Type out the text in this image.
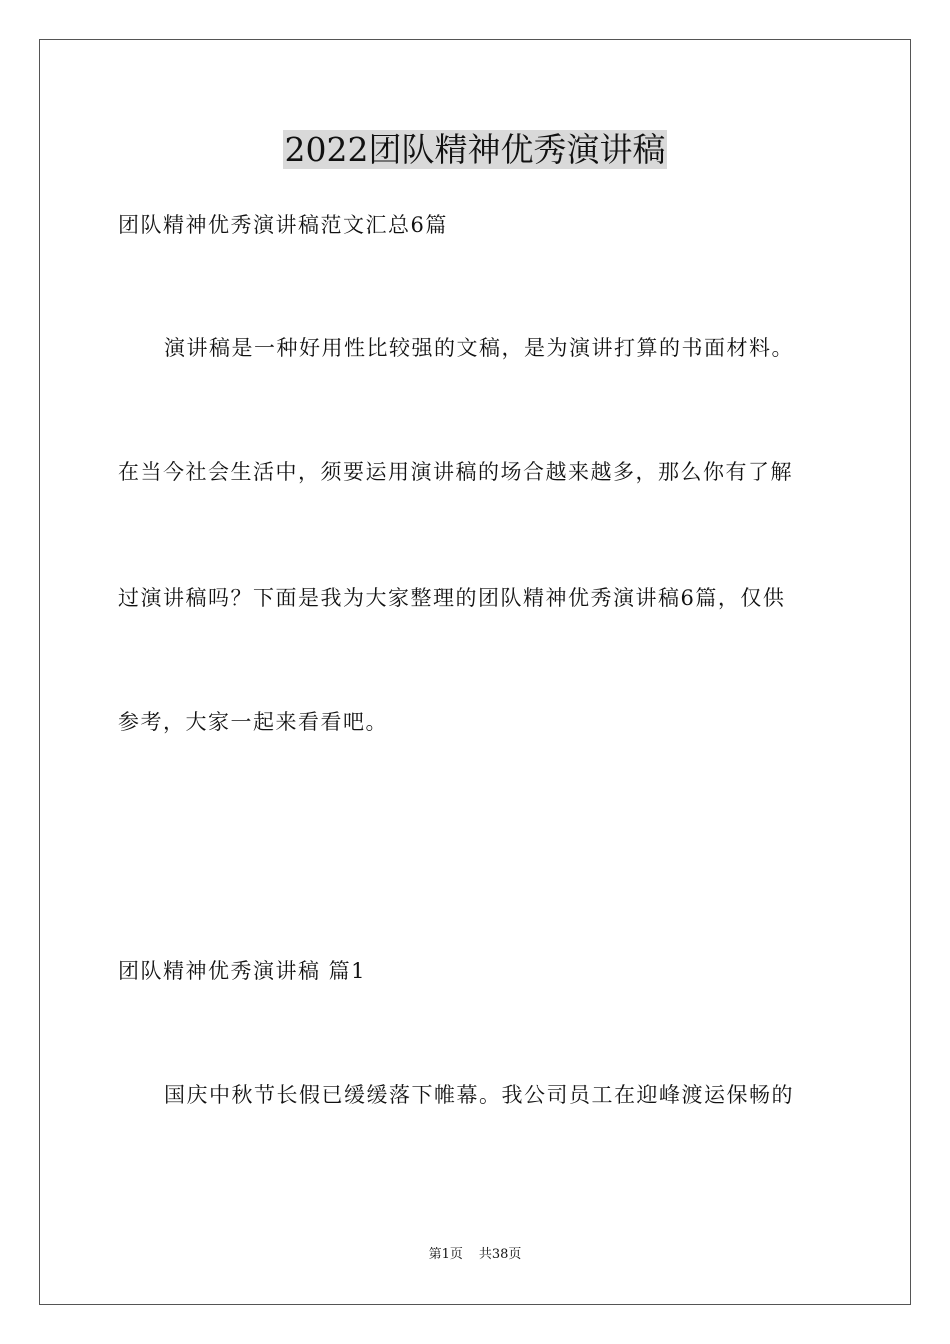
2022团队精神优秀演讲稿

团队精神优秀演讲稿范文汇总6篇

演讲稿是一种好用性比较强的文稿，是为演讲打算的书面材料。

在当今社会生活中，须要运用演讲稿的场合越来越多，那么你有了解

过演讲稿吗？下面是我为大家整理的团队精神优秀演讲稿6篇，仅供

参考，大家一起来看看吧。

团队精神优秀演讲稿 篇1

国庆中秋节长假已缓缓落下帷幕。我公司员工在迎峰渡运保畅的

第1页 共38页
